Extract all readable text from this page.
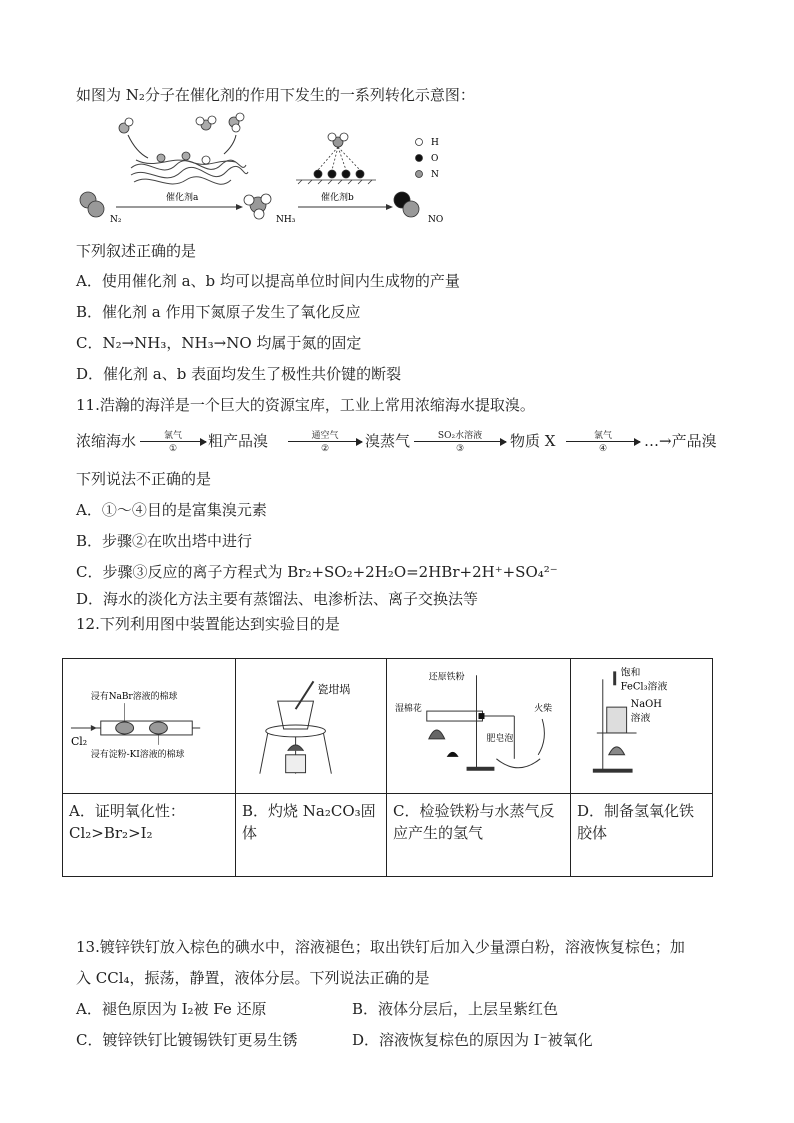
如图为 N₂分子在催化剂的作用下发生的一系列转化示意图：
N₂
催化剂a
NH₃
催化剂b
NO
H
O
N
下列叙述正确的是
A．使用催化剂 a、b 均可以提高单位时间内生成物的产量
B．催化剂 a 作用下氮原子发生了氧化反应
C．N₂→NH₃，NH₃→NO 均属于氮的固定
D．催化剂 a、b 表面均发生了极性共价键的断裂
11.浩瀚的海洋是一个巨大的资源宝库，工业上常用浓缩海水提取溴。
浓缩海水	氯气
①	粗产品溴	通空气
②	溴蒸气	SO₂水溶液
③	物质 X	氯气
④	…→产品溴
下列说法不正确的是
A．①～④目的是富集溴元素
B．步骤②在吹出塔中进行
C．步骤③反应的离子方程式为 Br₂+SO₂+2H₂O=2HBr+2H⁺+SO₄²⁻
D．海水的淡化方法主要有蒸馏法、电渗析法、离子交换法等
12.下列利用图中装置能达到实验目的是
浸有NaBr溶液的棉球
Cl₂
浸有淀粉-KI溶液的棉球	瓷坩埚	还原铁粉
湿棉花
肥皂泡
火柴	饱和
FeCl₃溶液
NaOH
溶液

A．证明氧化性：Cl₂>Br₂>I₂	B．灼烧 Na₂CO₃固体	C．检验铁粉与水蒸气反应产生的氢气	D．制备氢氧化铁胶体
13.镀锌铁钉放入棕色的碘水中，溶液褪色；取出铁钉后加入少量漂白粉，溶液恢复棕色；加
入 CCl₄，振荡，静置，液体分层。下列说法正确的是
A．褪色原因为 I₂被 Fe 还原	B．液体分层后，上层呈紫红色
C．镀锌铁钉比镀锡铁钉更易生锈	D．溶液恢复棕色的原因为 I⁻被氧化
